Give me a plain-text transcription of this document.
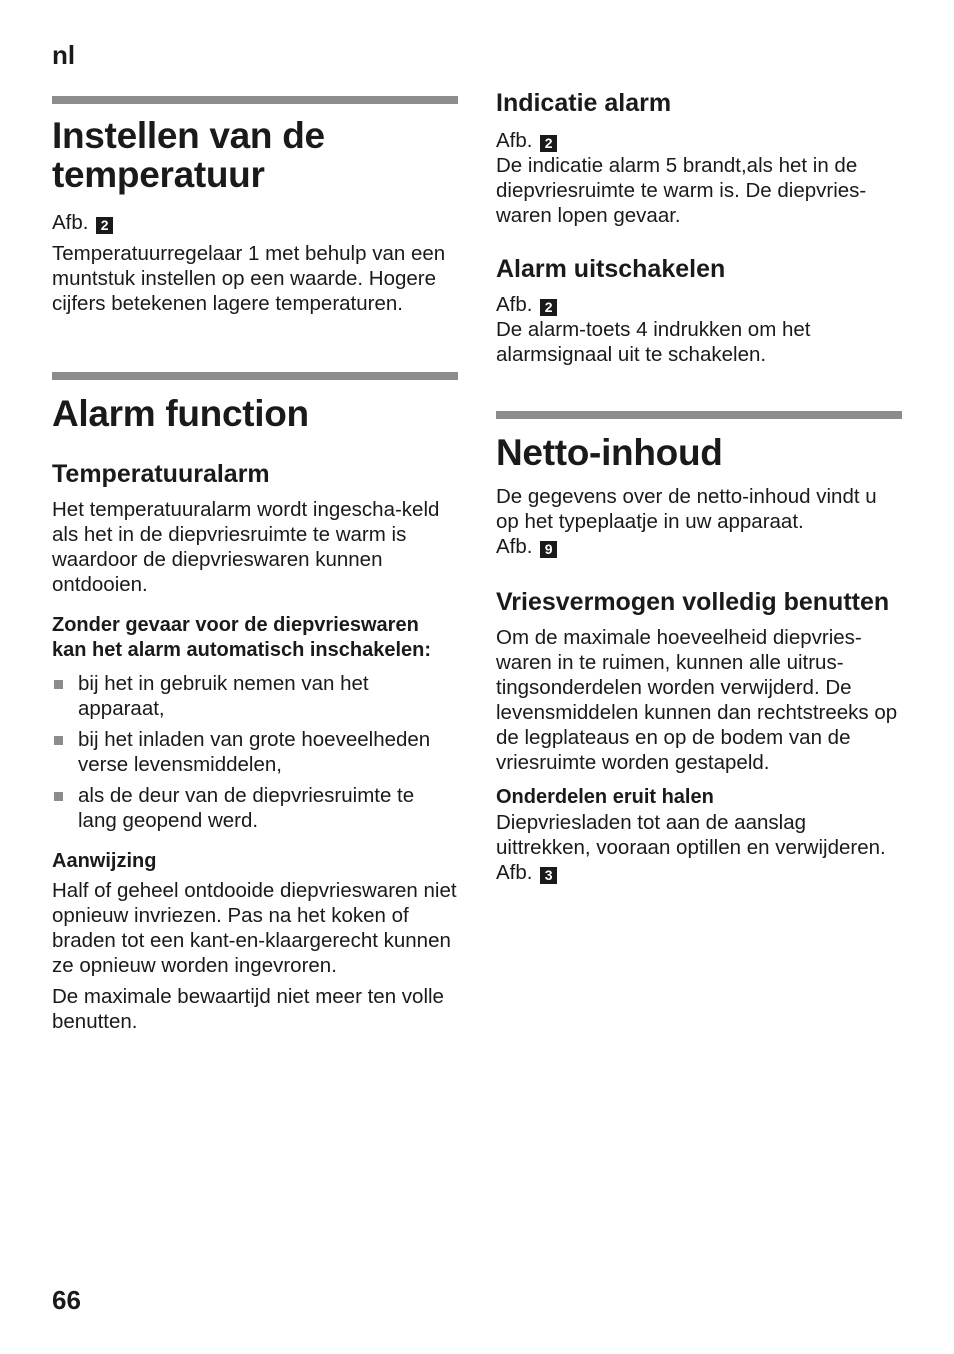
nl
Instellen van de temperatuur

Afb. 2

Temperatuurregelaar 1 met behulp van een muntstuk instellen op een waarde. Hogere cijfers betekenen lagere temperaturen.

Alarm function
Temperatuuralarm

Het temperatuuralarm wordt ingescha-keld als het in de diepvriesruimte te warm is waardoor de diepvrieswaren kunnen ontdooien.

Zonder gevaar voor de diepvrieswaren kan het alarm automatisch inschakelen:

bij het in gebruik nemen van het apparaat,
bij het inladen van grote hoeveelheden verse levensmiddelen,
als de deur van de diepvriesruimte te lang geopend werd.

Aanwijzing

Half of geheel ontdooide diepvrieswaren niet opnieuw invriezen. Pas na het koken of braden tot een kant-en-klaargerecht kunnen ze opnieuw worden ingevroren.

De maximale bewaartijd niet meer ten volle benutten.

Indicatie alarm

Afb. 2

De indicatie alarm 5 brandt,als het in de diepvriesruimte te warm is. De diepvries-waren lopen gevaar.

Alarm uitschakelen

Afb. 2

De alarm-toets 4 indrukken om het alarmsignaal uit te schakelen.

Netto-inhoud

De gegevens over de netto-inhoud vindt u op het typeplaatje in uw apparaat.
Afb. 9

Vriesvermogen volledig benutten

Om de maximale hoeveelheid diepvries-waren in te ruimen, kunnen alle uitrus-tingsonderdelen worden verwijderd. De levensmiddelen kunnen dan rechtstreeks op de legplateaus en op de bodem van de vriesruimte worden gestapeld.

Onderdelen eruit halen

Diepvriesladen tot aan de aanslag uittrekken, vooraan optillen en verwijderen. Afb. 3

66
